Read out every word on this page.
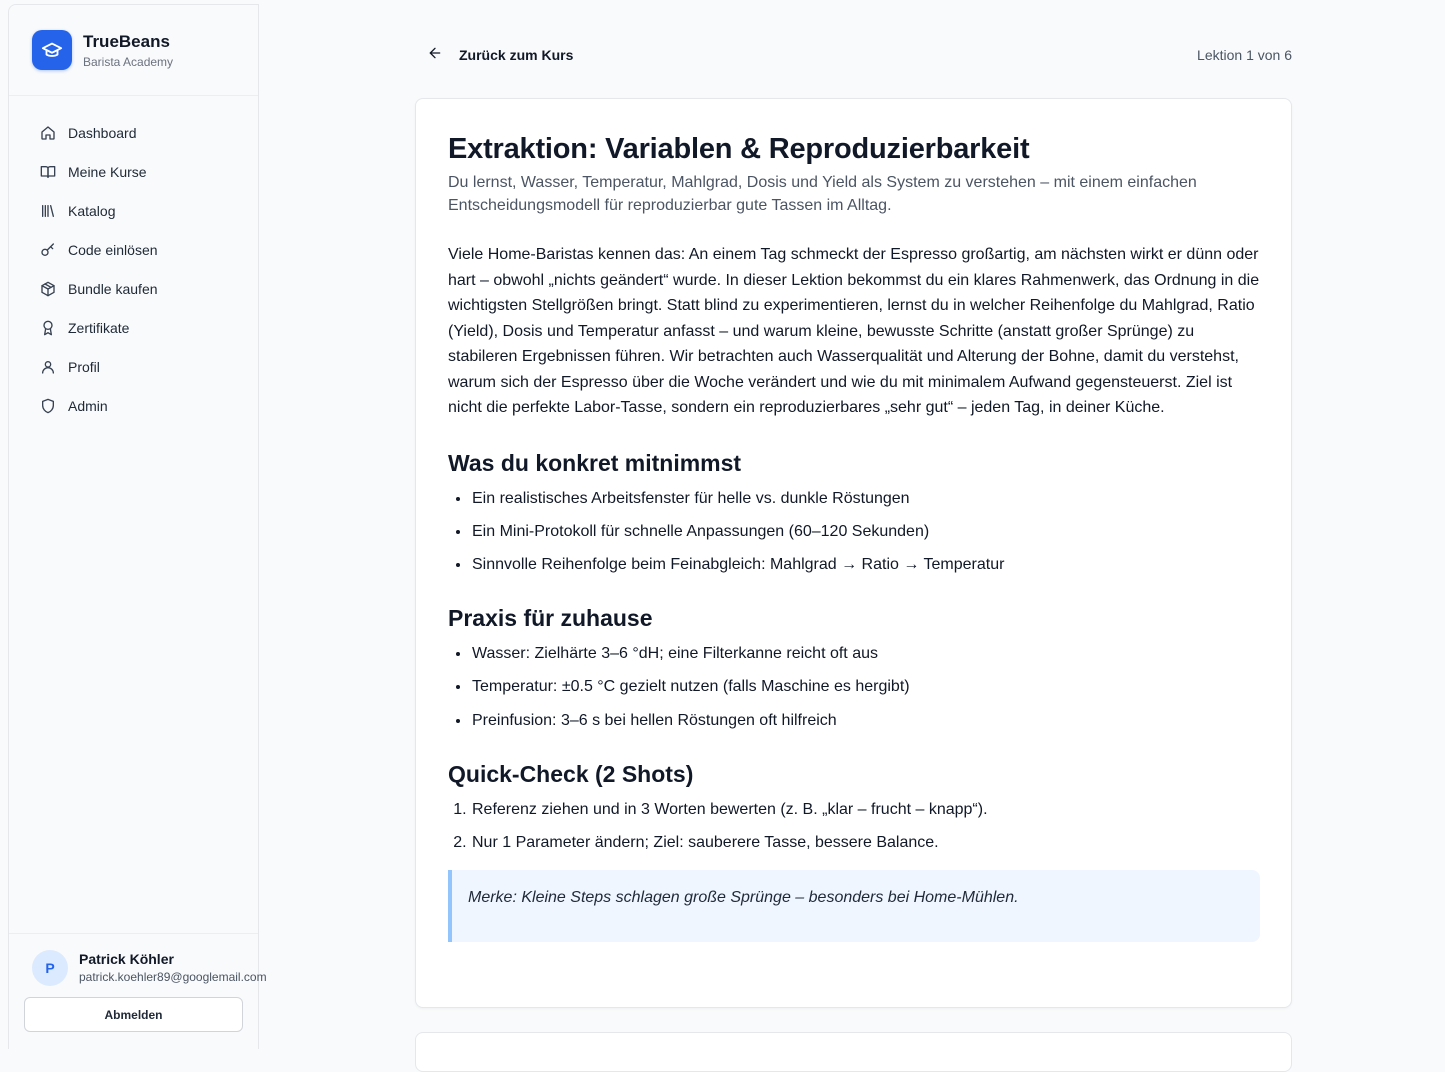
TrueBeans
Barista Academy
Dashboard
Meine Kurse
Katalog
Code einlösen
Bundle kaufen
Zertifikate
Profil
Admin
P
Patrick Köhler
patrick.koehler89@googlemail.com
Abmelden
Zurück zum Kurs	Lektion 1 von 6
Extraktion: Variablen & Reproduzierbarkeit

Du lernst, Wasser, Temperatur, Mahlgrad, Dosis und Yield als System zu verstehen – mit einem einfachen Entscheidungsmodell für reproduzierbar gute Tassen im Alltag.

Viele Home-Baristas kennen das: An einem Tag schmeckt der Espresso großartig, am nächsten wirkt er dünn oder hart – obwohl „nichts geändert“ wurde. In dieser Lektion bekommst du ein klares Rahmenwerk, das Ordnung in die wichtigsten Stellgrößen bringt. Statt blind zu experimentieren, lernst du in welcher Reihenfolge du Mahlgrad, Ratio (Yield), Dosis und Temperatur anfasst – und warum kleine, bewusste Schritte (anstatt großer Sprünge) zu stabileren Ergebnissen führen. Wir betrachten auch Wasserqualität und Alterung der Bohne, damit du verstehst, warum sich der Espresso über die Woche verändert und wie du mit minimalem Aufwand gegensteuerst. Ziel ist nicht die perfekte Labor-Tasse, sondern ein reproduzierbares „sehr gut“ – jeden Tag, in deiner Küche.

Was du konkret mitnimmst
• Ein realistisches Arbeitsfenster für helle vs. dunkle Röstungen
• Ein Mini-Protokoll für schnelle Anpassungen (60–120 Sekunden)
• Sinnvolle Reihenfolge beim Feinabgleich: Mahlgrad → Ratio → Temperatur
Praxis für zuhause
• Wasser: Zielhärte 3–6 °dH; eine Filterkanne reicht oft aus
• Temperatur: ±0.5 °C gezielt nutzen (falls Maschine es hergibt)
• Preinfusion: 3–6 s bei hellen Röstungen oft hilfreich
Quick-Check (2 Shots)
1. Referenz ziehen und in 3 Worten bewerten (z. B. „klar – frucht – knapp“).
2. Nur 1 Parameter ändern; Ziel: sauberere Tasse, bessere Balance.
Merke: Kleine Steps schlagen große Sprünge – besonders bei Home-Mühlen.
